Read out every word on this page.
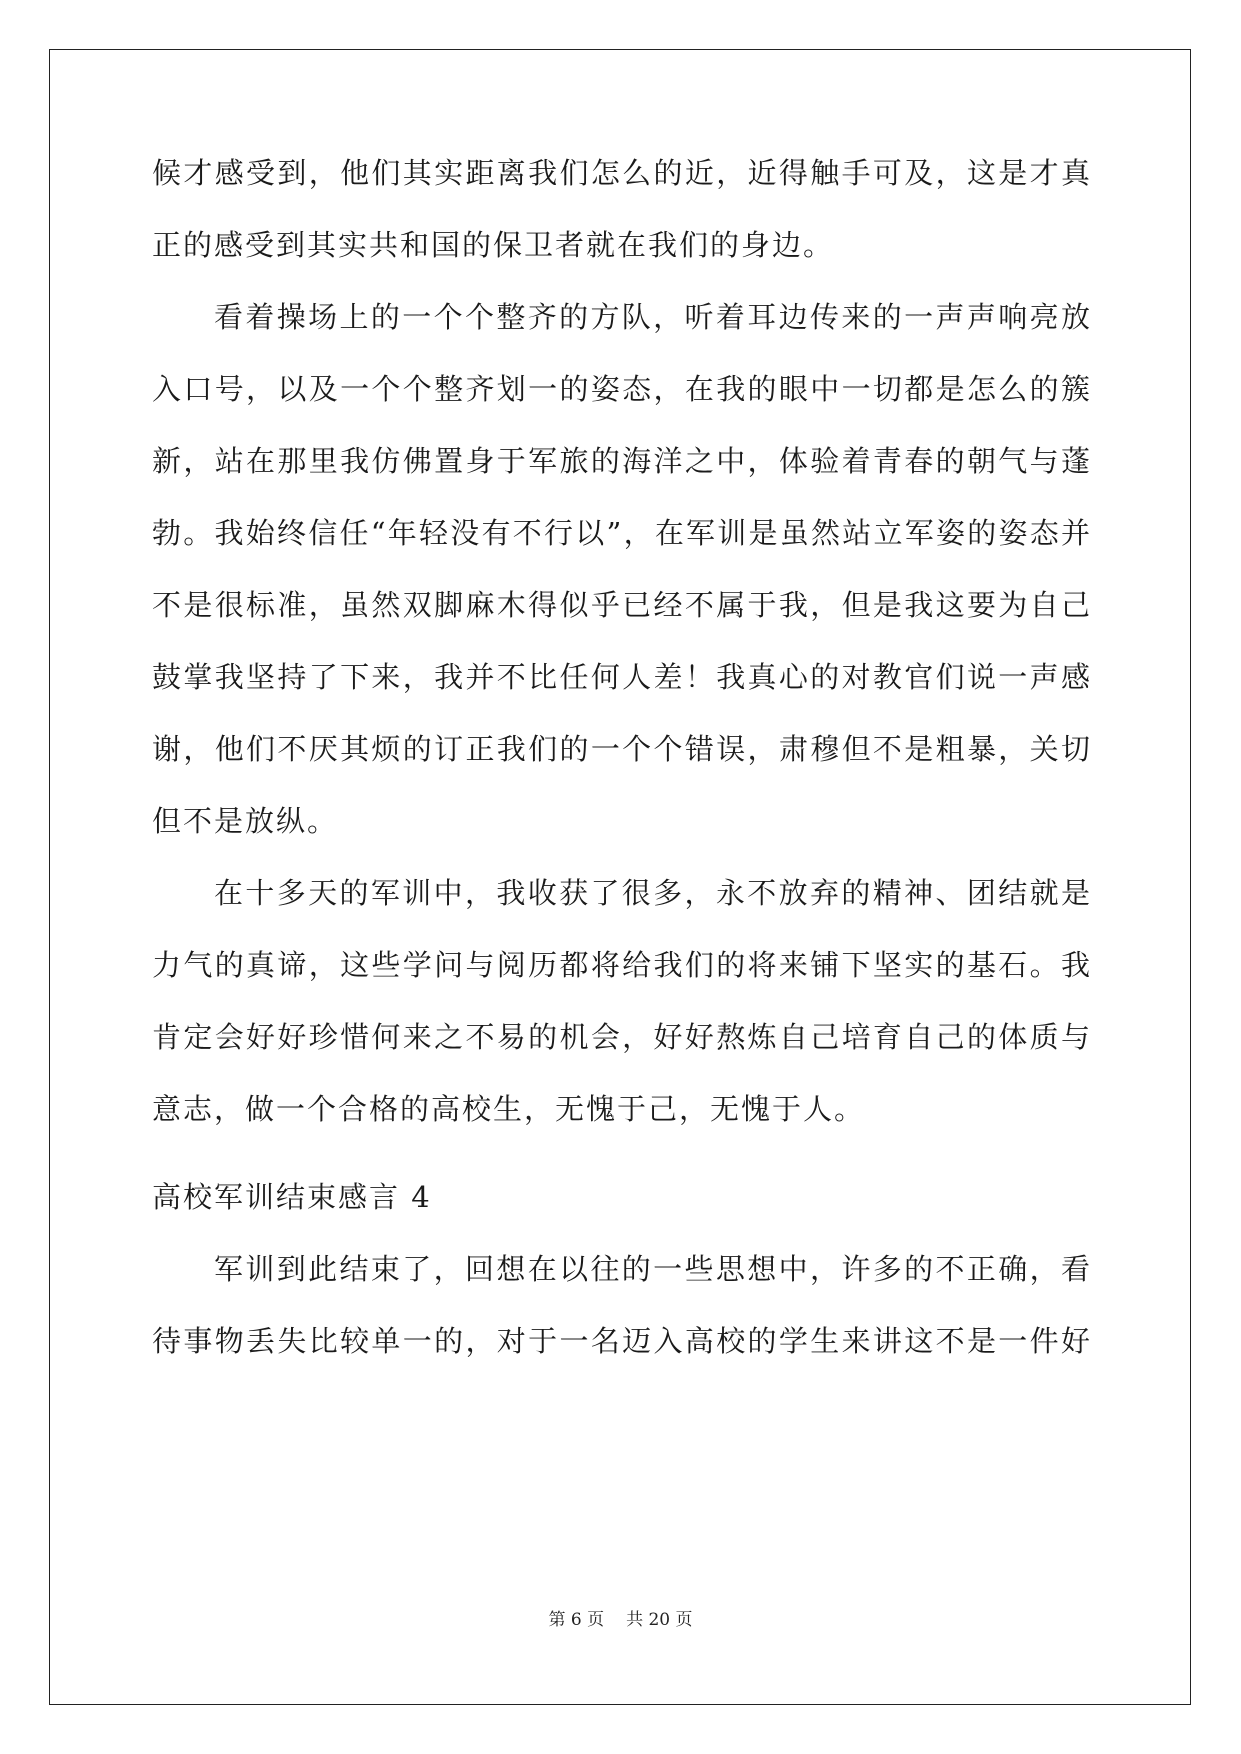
候才感受到，他们其实距离我们怎么的近，近得触手可及，这是才真
正的感受到其实共和国的保卫者就在我们的身边。
看着操场上的一个个整齐的方队，听着耳边传来的一声声响亮放
入口号，以及一个个整齐划一的姿态，在我的眼中一切都是怎么的簇
新，站在那里我仿佛置身于军旅的海洋之中，体验着青春的朝气与蓬
勃。我始终信任“年轻没有不行以”，在军训是虽然站立军姿的姿态并
不是很标准，虽然双脚麻木得似乎已经不属于我，但是我这要为自己
鼓掌我坚持了下来，我并不比任何人差！我真心的对教官们说一声感
谢，他们不厌其烦的订正我们的一个个错误，肃穆但不是粗暴，关切
但不是放纵。
在十多天的军训中，我收获了很多，永不放弃的精神、团结就是
力气的真谛，这些学问与阅历都将给我们的将来铺下坚实的基石。我
肯定会好好珍惜何来之不易的机会，好好熬炼自己培育自己的体质与
意志，做一个合格的高校生，无愧于己，无愧于人。
军训到此结束了，回想在以往的一些思想中，许多的不正确，看
待事物丢失比较单一的，对于一名迈入高校的学生来讲这不是一件好
高校军训结束感言 4
第 6 页 共 20 页
